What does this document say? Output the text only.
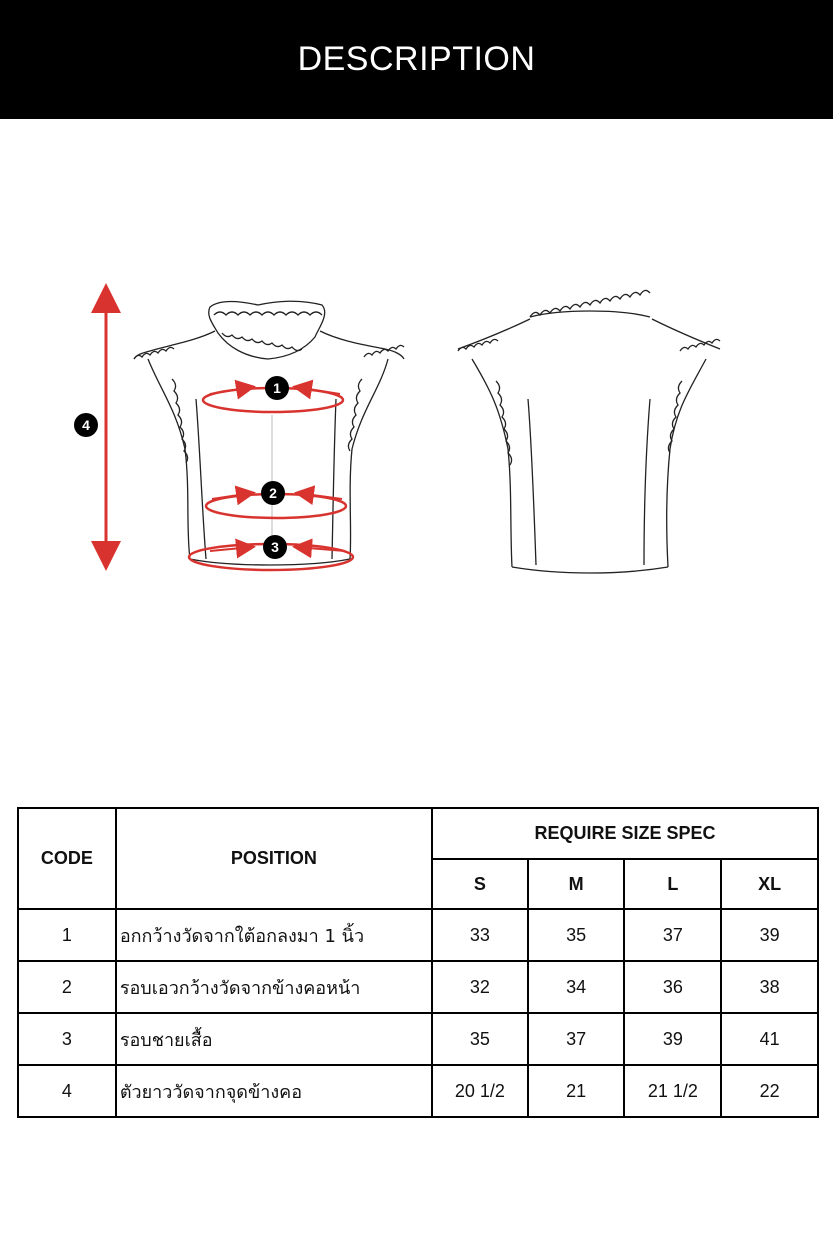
DESCRIPTION
1
2
3
4
CODE	POSITION	REQUIRE SIZE SPEC			
		S	M	L	XL
1	อกกว้างวัดจากใต้อกลงมา 1 นิ้ว	33	35	37	39
2	รอบเอวกว้างวัดจากข้างคอหน้า	32	34	36	38
3	รอบชายเสื้อ	35	37	39	41
4	ตัวยาววัดจากจุดข้างคอ	20 1/2	21	21 1/2	22
